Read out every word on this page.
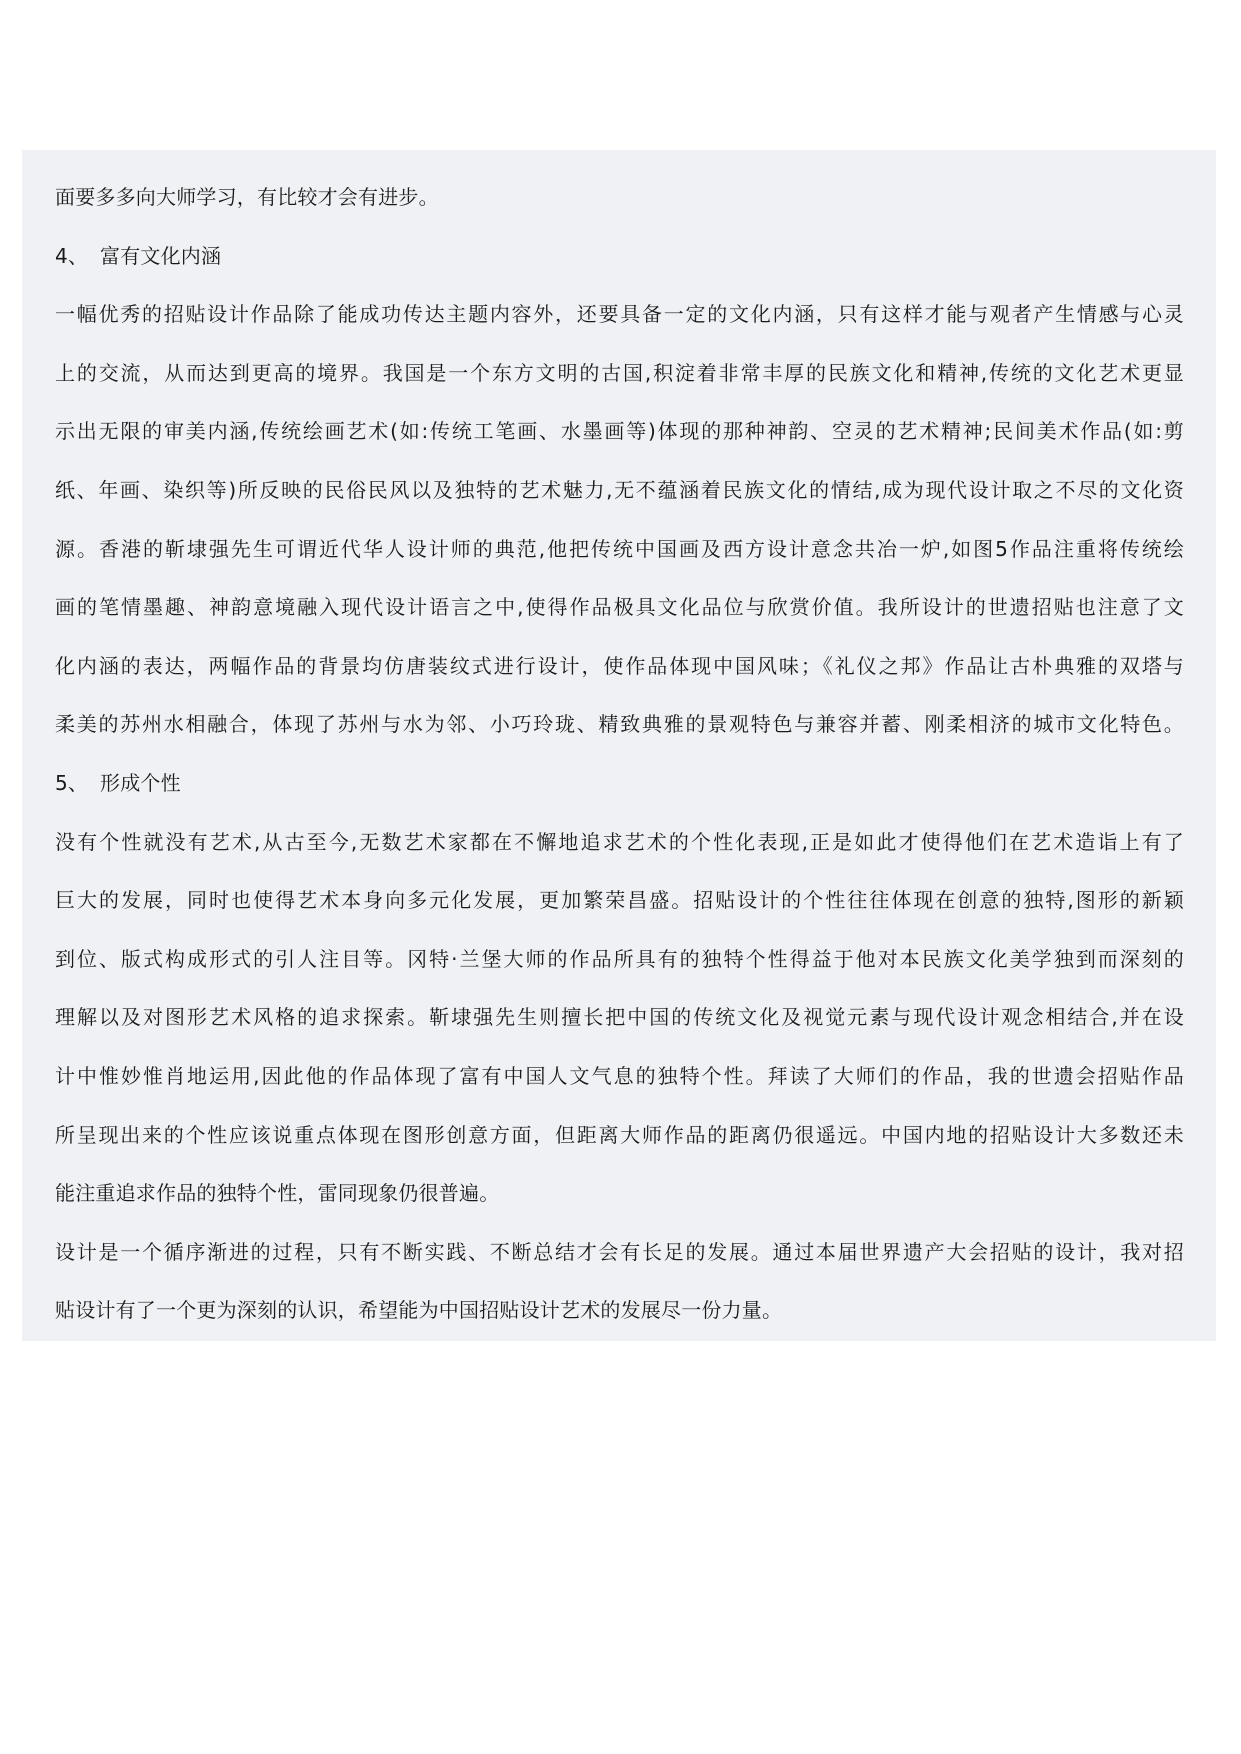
面要多多向大师学习，有比较才会有进步。
4、 富有文化内涵
一幅优秀的招贴设计作品除了能成功传达主题内容外，还要具备一定的文化内涵，只有这样才能与观者产生情感与心灵
上的交流，从而达到更高的境界。我国是一个东方文明的古国,积淀着非常丰厚的民族文化和精神,传统的文化艺术更显
示出无限的审美内涵,传统绘画艺术(如:传统工笔画、水墨画等)体现的那种神韵、空灵的艺术精神;民间美术作品(如:剪
纸、年画、染织等)所反映的民俗民风以及独特的艺术魅力,无不蕴涵着民族文化的情结,成为现代设计取之不尽的文化资
源。香港的靳埭强先生可谓近代华人设计师的典范,他把传统中国画及西方设计意念共冶一炉,如图5作品注重将传统绘
画的笔情墨趣、神韵意境融入现代设计语言之中,使得作品极具文化品位与欣赏价值。我所设计的世遗招贴也注意了文
化内涵的表达，两幅作品的背景均仿唐装纹式进行设计，使作品体现中国风味；《礼仪之邦》作品让古朴典雅的双塔与
柔美的苏州水相融合，体现了苏州与水为邻、小巧玲珑、精致典雅的景观特色与兼容并蓄、刚柔相济的城市文化特色。
5、 形成个性
没有个性就没有艺术,从古至今,无数艺术家都在不懈地追求艺术的个性化表现,正是如此才使得他们在艺术造诣上有了
巨大的发展，同时也使得艺术本身向多元化发展，更加繁荣昌盛。招贴设计的个性往往体现在创意的独特,图形的新颖
到位、版式构成形式的引人注目等。冈特·兰堡大师的作品所具有的独特个性得益于他对本民族文化美学独到而深刻的
理解以及对图形艺术风格的追求探索。靳埭强先生则擅长把中国的传统文化及视觉元素与现代设计观念相结合,并在设
计中惟妙惟肖地运用,因此他的作品体现了富有中国人文气息的独特个性。拜读了大师们的作品，我的世遗会招贴作品
所呈现出来的个性应该说重点体现在图形创意方面，但距离大师作品的距离仍很遥远。中国内地的招贴设计大多数还未
能注重追求作品的独特个性，雷同现象仍很普遍。
设计是一个循序渐进的过程，只有不断实践、不断总结才会有长足的发展。通过本届世界遗产大会招贴的设计，我对招
贴设计有了一个更为深刻的认识，希望能为中国招贴设计艺术的发展尽一份力量。
